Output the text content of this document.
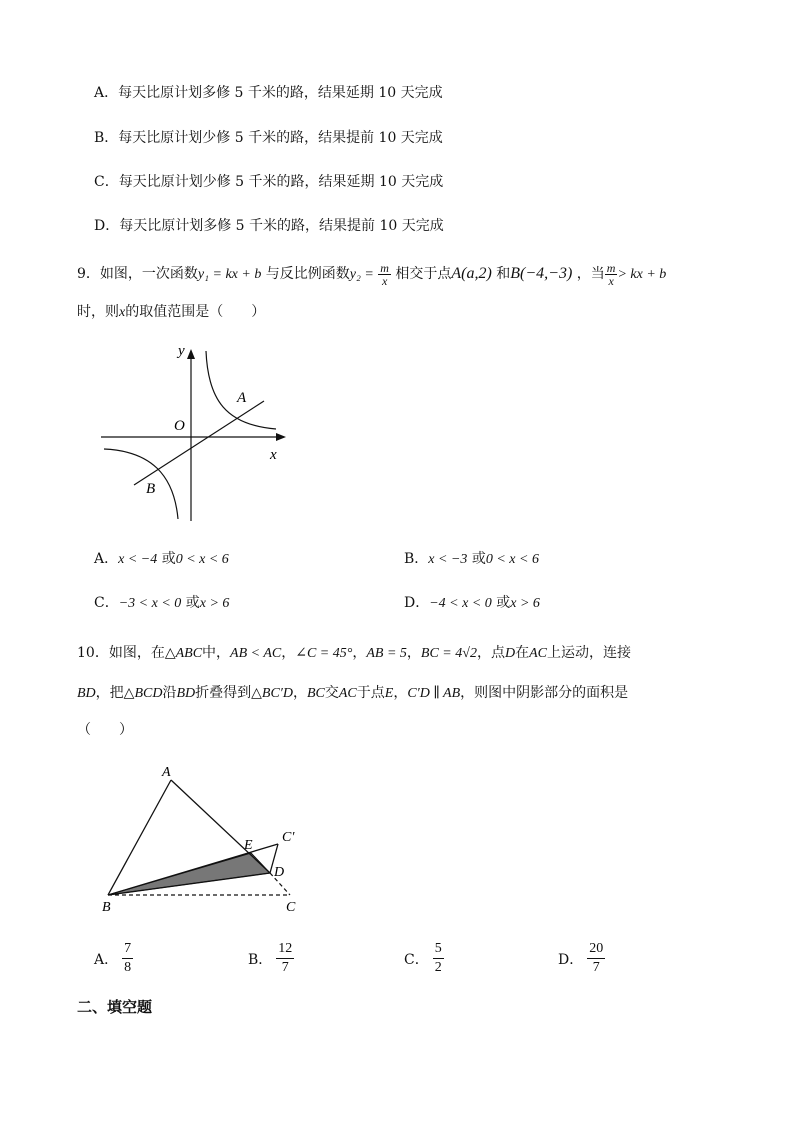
A．每天比原计划多修 5 千米的路，结果延期 10 天完成
B．每天比原计划少修 5 千米的路，结果提前 10 天完成
C．每天比原计划少修 5 千米的路，结果延期 10 天完成
D．每天比原计划多修 5 千米的路，结果提前 10 天完成
9．如图，一次函数y₁ = kx + b 与反比例函数$y_2 = \frac{m}{x}$ 相交于点A(a,2) 和B(−4,−3) ，当 $\frac{m}{x}$ > kx + b
时，则x的取值范围是（　　）
y
x
O
A
B
A．x < −4 或0 < x < 6	B．x < −3 或0 < x < 6
C．−3 < x < 0 或x > 6	D．−4 < x < 0 或x > 6
10．如图，在△ABC中，AB < AC，∠C = 45°，AB = 5，BC = 4√2，点D在AC上运动，连接
BD，把△BCD沿BD折叠得到△BC′D，BC交AC于点E，C′D ∥ AB，则图中阴影部分的面积是
（　　）
A
B	C
C′
D
E
A． $\frac{7}{8}$	B． $\frac{12}{7}$	C． $\frac{5}{2}$	D． $\frac{20}{7}$
二、填空题
